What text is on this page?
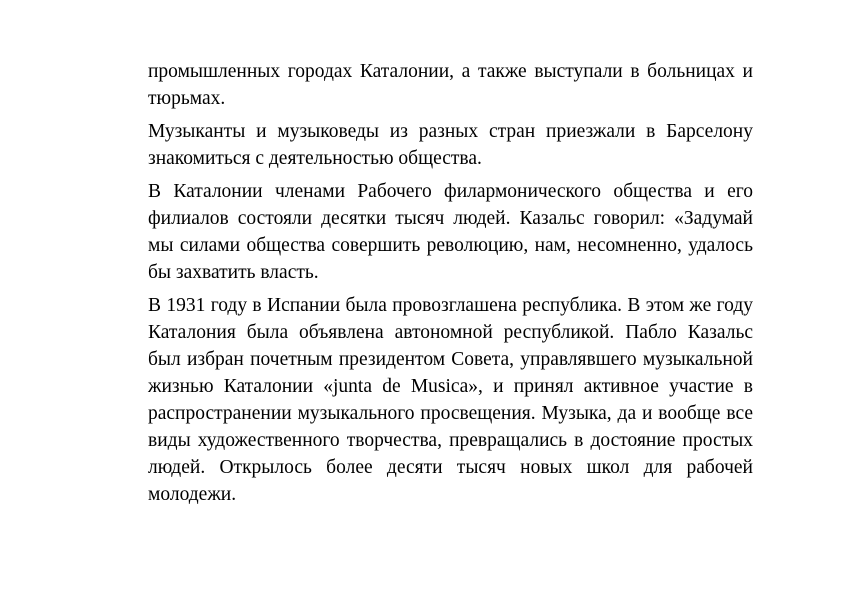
промышленных городах Каталонии, а также выступали в больницах и тюрьмах.

Музыканты и музыковеды из разных стран приезжали в Барселону знакомиться с деятельностью общества.

В Каталонии членами Рабочего филармонического общества и его филиалов состояли десятки тысяч людей. Казальс говорил: «Задумай мы силами общества совершить революцию, нам, несомненно, удалось бы захватить власть.

В 1931 году в Испании была провозглашена республика. В этом же году Каталония была объявлена автономной республикой. Пабло Казальс был избран почетным президентом Совета, управлявшего музыкальной жизнью Каталонии «junta de Musica», и принял активное участие в распространении музыкального просвещения. Музыка, да и вообще все виды художественного творчества, превращались в достояние простых людей. Открылось более десяти тысяч новых школ для рабочей молодежи.
